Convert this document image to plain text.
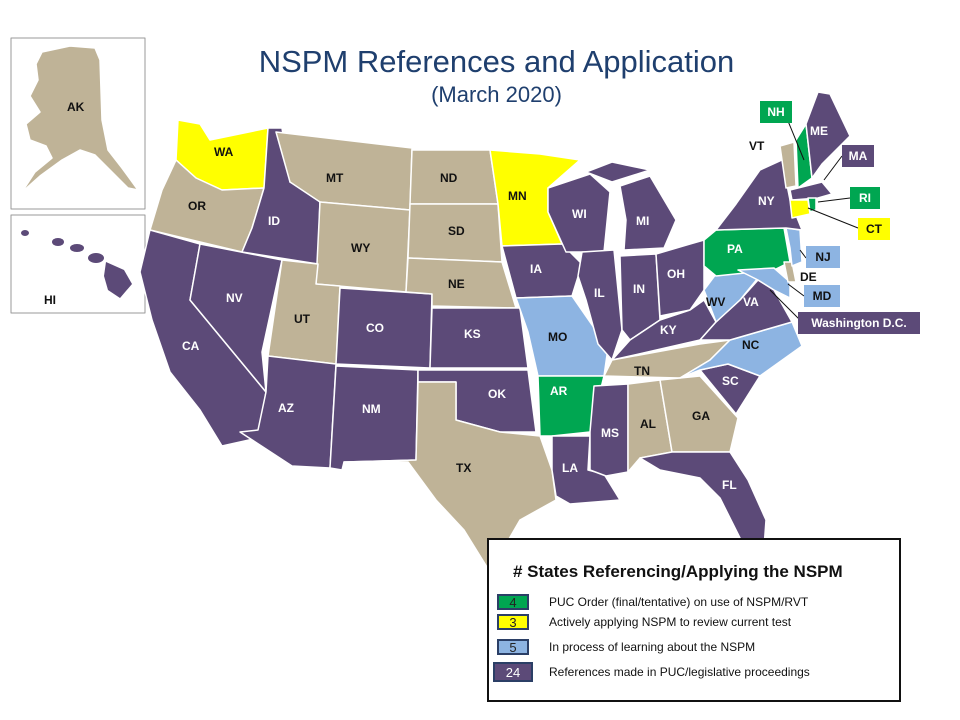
NSPM References and Application
(March 2020)
AK
HI
WA
OR
CA
ID
NV
MT
WY
UT
AZ
CO
NM
ND
SD
NE
KS
OK
TX
MN
IA
MO
AR
LA
WI
IL
MI
IN
OH
KY
TN
MS
AL
GA
FL
SC
NC
VA
WV
PA
NY
VT
DE
ME
NH
MA
RI
CT
NJ
MD
Washington D.C.
# States Referencing/Applying the NSPM
4	PUC Order (final/tentative) on use of NSPM/RVT
3	Actively applying NSPM to review current test
5	In process of learning about the NSPM
24	References made in PUC/legislative proceedings
